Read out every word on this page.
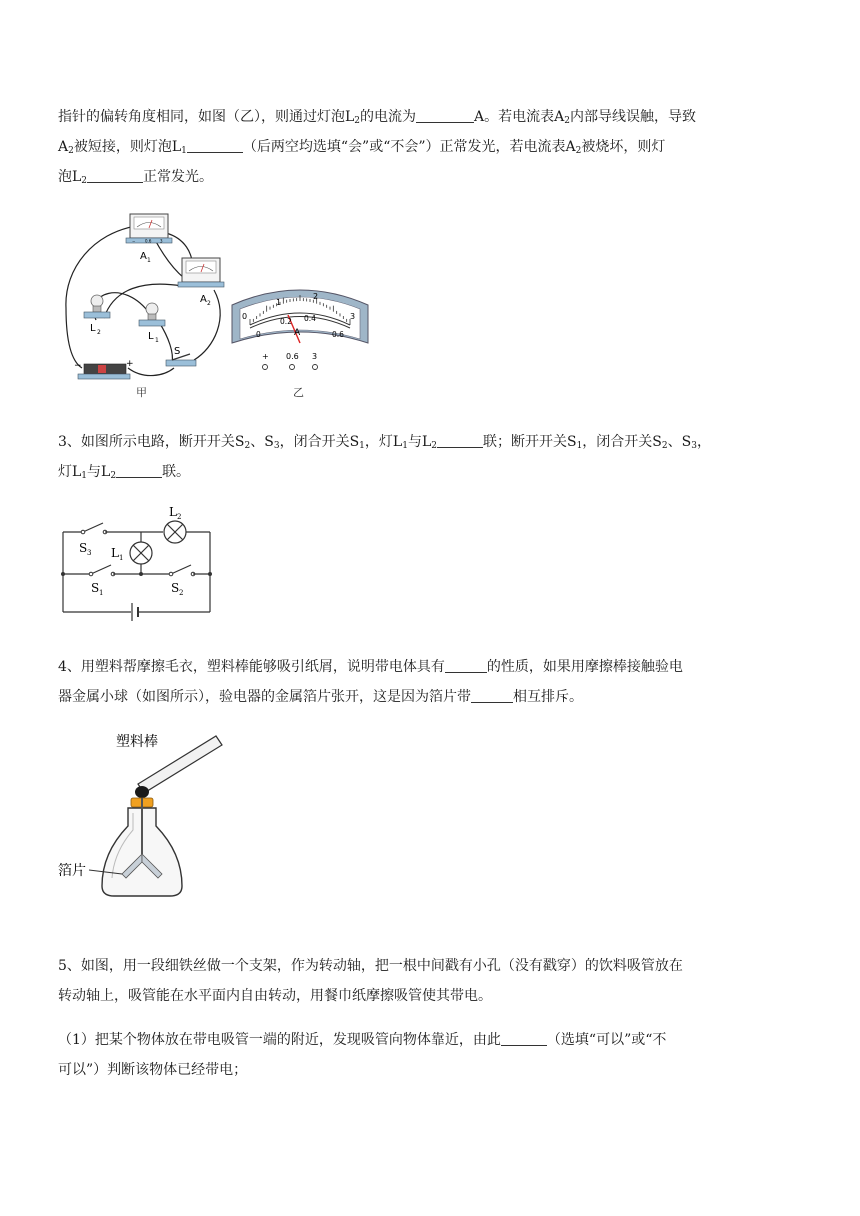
指针的偏转角度相同，如图（乙），则通过灯泡$L_2$的电流为	A。若电流表$A_2$内部导线误触，导致

$A_2$被短接，则灯泡$L_1$	（后两空均选填“会”或“不会”）正常发光，若电流表$A_2$被烧坏，则灯

泡$L_2$	正常发光。

− 0.6 3
A 1
A 2
L 2	L 1
S
−	+
甲
0
1
2
3
0
0.2 0.4
0.6
A
+ 0.6 3
乙

3、如图所示电路，断开开关$S_2$、$S_3$，闭合开关$S_1$，灯$L_1$与$L_2$	联；断开开关$S_1$，闭合开关$S_2$、$S_3$，

灯$L_1$与$L_2$	联。

S 3 L 1
L 2
S 1	S 2

4、用塑料帮摩擦毛衣，塑料棒能够吸引纸屑，说明带电体具有	的性质，如果用摩擦棒接触验电

器金属小球（如图所示），验电器的金属箔片张开，这是因为箔片带	相互排斥。

塑料棒
箔片

5、如图，用一段细铁丝做一个支架，作为转动轴，把一根中间戳有小孔（没有戳穿）的饮料吸管放在

转动轴上，吸管能在水平面内自由转动，用餐巾纸摩擦吸管使其带电。

（1）把某个物体放在带电吸管一端的附近，发现吸管向物体靠近，由此	（选填“可以”或“不

可以”）判断该物体已经带电；
